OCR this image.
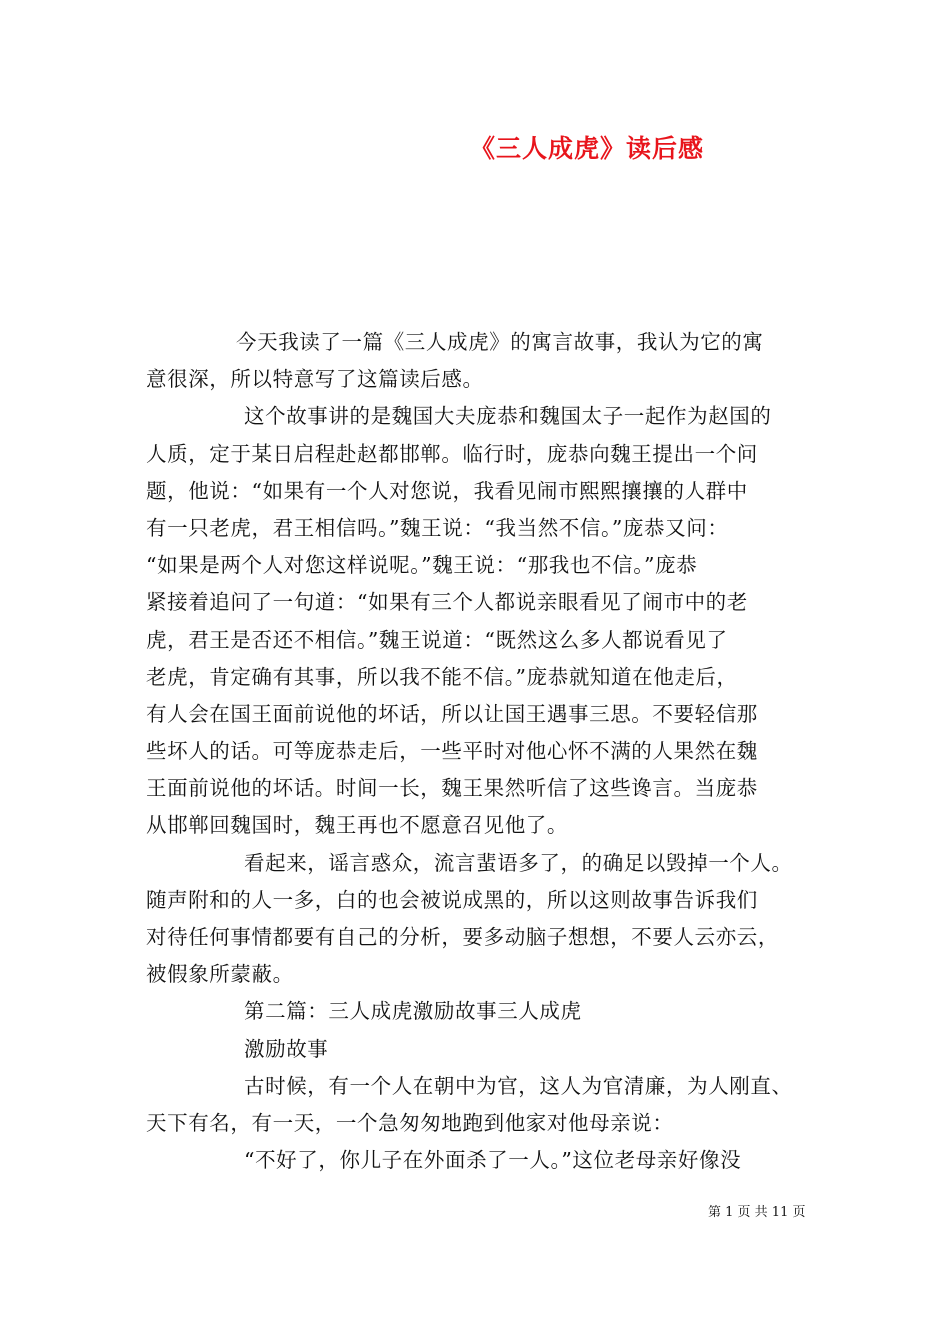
《三人成虎》读后感
今天我读了一篇《三人成虎》的寓言故事，我认为它的寓
意很深，所以特意写了这篇读后感。
这个故事讲的是魏国大夫庞恭和魏国太子一起作为赵国的
人质，定于某日启程赴赵都邯郸。临行时，庞恭向魏王提出一个问
题，他说：“如果有一个人对您说，我看见闹市熙熙攘攘的人群中
有一只老虎，君王相信吗。”魏王说：“我当然不信。”庞恭又问：
“如果是两个人对您这样说呢。”魏王说：“那我也不信。”庞恭
紧接着追问了一句道：“如果有三个人都说亲眼看见了闹市中的老
虎，君王是否还不相信。”魏王说道：“既然这么多人都说看见了
老虎，肯定确有其事，所以我不能不信。”庞恭就知道在他走后，
有人会在国王面前说他的坏话，所以让国王遇事三思。不要轻信那
些坏人的话。可等庞恭走后，一些平时对他心怀不满的人果然在魏
王面前说他的坏话。时间一长，魏王果然听信了这些谗言。当庞恭
从邯郸回魏国时，魏王再也不愿意召见他了。
看起来，谣言惑众，流言蜚语多了，的确足以毁掉一个人。
随声附和的人一多，白的也会被说成黑的，所以这则故事告诉我们
对待任何事情都要有自己的分析，要多动脑子想想，不要人云亦云，
被假象所蒙蔽。
第二篇：三人成虎激励故事三人成虎
激励故事
古时候，有一个人在朝中为官，这人为官清廉，为人刚直、
天下有名，有一天，一个急匆匆地跑到他家对他母亲说：
“不好了，你儿子在外面杀了一人。”这位老母亲好像没
第 1 页 共 11 页
